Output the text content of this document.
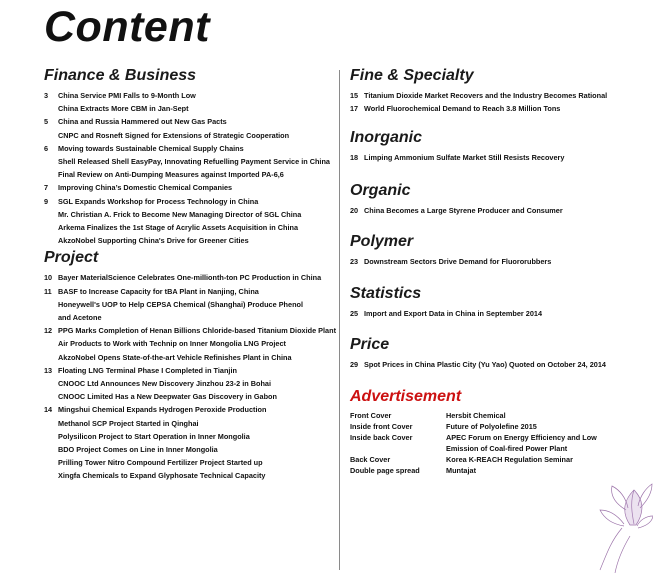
Content
Finance & Business
3	China Service PMI Falls to 9-Month Low
China Extracts More CBM in Jan-Sept
5	China and Russia Hammered out New Gas Pacts
CNPC and Rosneft Signed for Extensions of Strategic Cooperation
6	Moving towards Sustainable Chemical Supply Chains
Shell Released Shell EasyPay, Innovating Refuelling Payment Service in China
Final Review on Anti-Dumping Measures against Imported PA-6,6
7	Improving China’s Domestic Chemical Companies
9	SGL Expands Workshop for Process Technology in China
Mr. Christian A. Frick to Become New Managing Director of SGL China
Arkema Finalizes the 1st Stage of Acrylic Assets Acquisition in China
AkzoNobel Supporting China's Drive for Greener Cities
Project
10 Bayer MaterialScience Celebrates One-millionth-ton PC Production in China
11 BASF to Increase Capacity for tBA Plant in Nanjing, China
Honeywell's UOP to Help CEPSA Chemical (Shanghai) Produce Phenol
and Acetone
12 PPG Marks Completion of Henan Billions Chloride-based Titanium Dioxide Plant
Air Products to Work with Technip on Inner Mongolia LNG Project
AkzoNobel Opens State-of-the-art Vehicle Refinishes Plant in China
13 Floating LNG Terminal Phase I Completed in Tianjin
CNOOC Ltd Announces New Discovery Jinzhou 23-2 in Bohai
CNOOC Limited Has a New Deepwater Gas Discovery in Gabon
14 Mingshui Chemical Expands Hydrogen Peroxide Production
Methanol SCP Project Started in Qinghai
Polysilicon Project to Start Operation in Inner Mongolia
BDO Project Comes on Line in Inner Mongolia
Prilling Tower Nitro Compound Fertilizer Project Started up
Xingfa Chemicals to Expand Glyphosate Technical Capacity
Fine & Specialty
15 Titanium Dioxide Market Recovers and the Industry Becomes Rational
17 World Fluorochemical Demand to Reach 3.8 Million Tons
Inorganic
18 Limping Ammonium Sulfate Market Still Resists Recovery
Organic
20 China Becomes a Large Styrene Producer and Consumer
Polymer
23 Downstream Sectors Drive Demand for Fluororubbers
Statistics
25 Import and Export Data in China in September 2014
Price
29 Spot Prices in China Plastic City (Yu Yao) Quoted on October 24, 2014
Advertisement
Front Cover	Hersbit Chemical
Inside front Cover	Future of Polyolefine 2015
Inside back Cover	APEC Forum on Energy Efficiency and Low
Emission of Coal-fired Power Plant
Back Cover	Korea K-REACH Regulation Seminar
Double page spread	Muntajat
